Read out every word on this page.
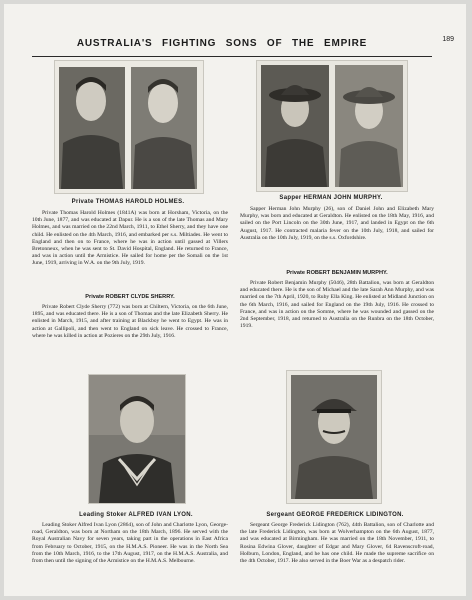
AUSTRALIA'S FIGHTING SONS OF THE EMPIRE	189
Private THOMAS HAROLD HOLMES.

Private Thomas Harold Holmes (1841A) was born at Horsham, Victoria, on the 10th June, 1877, and was educated at Dapur. He is a son of the late Thomas and Mary Holmes, and was married on the 22nd March, 1911, to Ethel Sherry, and they have one child. He enlisted on the 4th March, 1916, and embarked per s.s. Miltiades. He went to England and then on to France, where he was in action until gassed at Villers Bretonneux, when he was sent to St. David Hospital, England. He returned to France, and was in action until the Armistice. He sailed for home per the Somali on the 1st June, 1919, arriving in W.A. on the 9th July, 1919.

Private ROBERT CLYDE SHERRY.

Private Robert Clyde Sherry (772) was born at Chiltern, Victoria, on the 6th June, 1895, and was educated there. He is a son of Thomas and the late Elizabeth Sherry. He enlisted in March, 1915, and after training at Blackboy he went to Egypt. He was in action at Gallipoli, and then went to England on sick leave. He crossed to France, where he was killed in action at Pozieres on the 29th July, 1916.

Sapper HERMAN JOHN MURPHY.

Sapper Herman John Murphy (26), son of Daniel John and Elizabeth Mary Murphy, was born and educated at Geraldton. He enlisted on the 18th May, 1916, and sailed on the Port Lincoln on the 30th June, 1917, and landed in Egypt on the 6th August, 1917. He contracted malaria fever on the 10th July, 1918, and sailed for Australia on the 10th July, 1919, on the s.s. Oxfordshire.

Private ROBERT BENJAMIN MURPHY.

Private Robert Benjamin Murphy (5046), 28th Battalion, was born at Geraldton and educated there. He is the son of Michael and the late Sarah Ann Murphy, and was married on the 7th April, 1920, to Ruby Ella King. He enlisted at Midland Junction on the 6th March, 1916, and sailed for England on the 19th July, 1916. He crossed to France, and was in action on the Somme, where he was wounded and gassed on the 2nd September, 1918, and returned to Australia on the Runbra on the 18th October, 1919.

Leading Stoker ALFRED IVAN LYON.

Leading Stoker Alfred Ivan Lyon (2864), son of John and Charlotte Lyon, George-road, Geraldton, was born at Northam on the 18th March, 1896. He served with the Royal Australian Navy for seven years, taking part in the operations in East Africa from February to October, 1915, on the H.M.A.S. Pioneer. He was in the North Sea from the 10th March, 1916, to the 17th August, 1917, on the H.M.A.S. Australia, and from then until the signing of the Armistice on the H.M.A.S. Melbourne.

Sergeant GEORGE FREDERICK LIDINGTON.

Sergeant George Frederick Lidington (762), 44th Battalion, son of Charlotte and the late Frederick Lidington, was born at Wolverhampton on the 6th August, 1877, and was educated at Birmingham. He was married on the 18th November, 1911, to Rosina Edwina Glover, daughter of Edgar and Mary Glover, 64 Ravenscroft-road, Holburn, London, England, and he has one child. He made the supreme sacrifice on the 4th October, 1917. He also served in the Boer War as a despatch rider.
